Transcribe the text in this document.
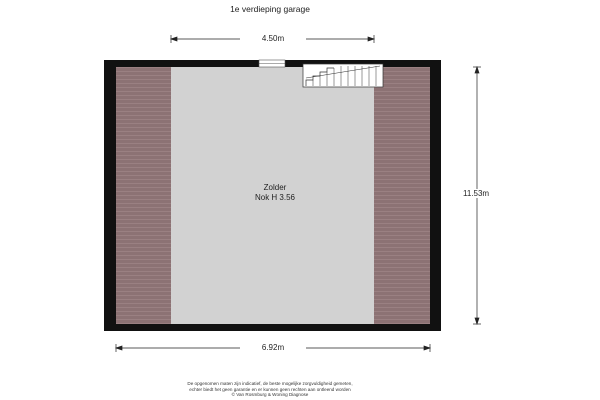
1e verdieping garage
4.50m
6.92m
11.53m
Zolder
Nok H 3.56
De opgenomen maten zijn indicatief, de beste mogelijke zorgvuldigheid gemeten,
echter biedt het geen garantie en er kunnen geen rechten aan ontleend worden
© Van Rosmburg & Woning Diagnose
